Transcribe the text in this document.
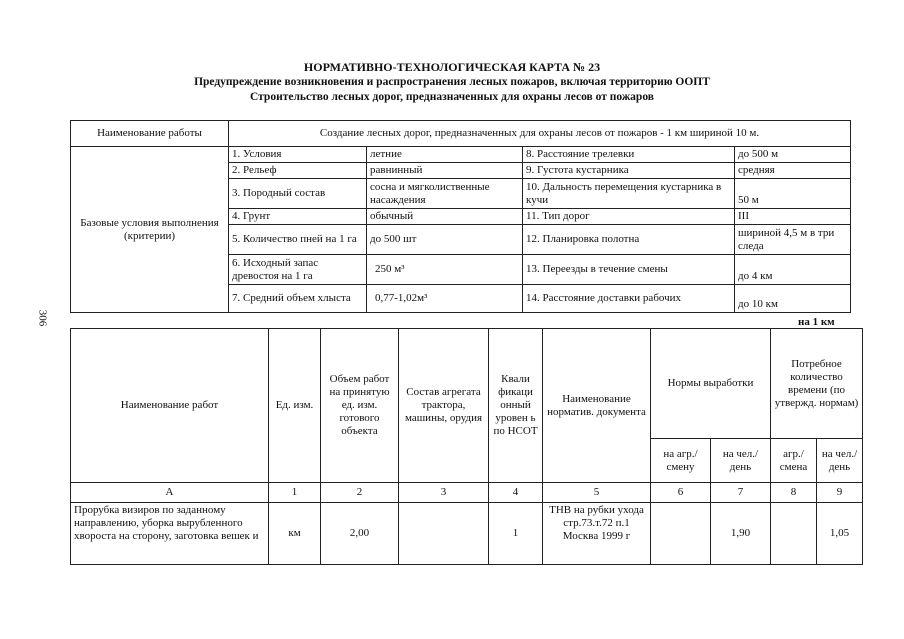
НОРМАТИВНО-ТЕХНОЛОГИЧЕСКАЯ КАРТА № 23
Предупреждение возникновения и распространения лесных пожаров, включая территорию ООПТ
Строительство лесных дорог, предназначенных для охраны лесов от пожаров
306
Наименование работы	Создание лесных дорог, предназначенных для охраны лесов от пожаров - 1 км шириной 10 м.			
Базовые условия выполнения (критерии)	1. Условия	летние	8. Расстояние трелевки	до 500 м
	2. Рельеф	равнинный	9. Густота кустарника	средняя
	3. Породный состав	сосна и мягколиственные насаждения	10. Дальность перемещения кустарника в кучи	50 м
	4. Грунт	обычный	11. Тип дорог	III
	5. Количество пней на 1 га	до 500 шт	12. Планировка полотна	шириной 4,5 м в три следа
	6. Исходный запас древостоя на 1 га	250 м³	13. Переезды в течение смены	до 4 км
	7. Средний объем хлыста	0,77-1,02м³	14. Расстояние доставки рабочих	до 10 км
на 1 км
Наименование работ	Ед. изм.	Объем работ на принятую ед. изм. готового объекта	Состав агрегата трактора, машины, орудия	Квали фикаци онный уровен ь по НСОТ	Наименование норматив. документа	Нормы выработки		Потребное количество времени (по утвержд. нормам)	
						на агр./ смену	на чел./ день	агр./ смена	на чел./ день
А	1	2	3	4	5	6	7	8	9
Прорубка визиров по заданному направлению, уборка вырубленного хвороста на сторону, заготовка вешек и	км	2,00		1	ТНВ на рубки ухода стр.73.т.72 п.1 Москва 1999 г		1,90		1,05
